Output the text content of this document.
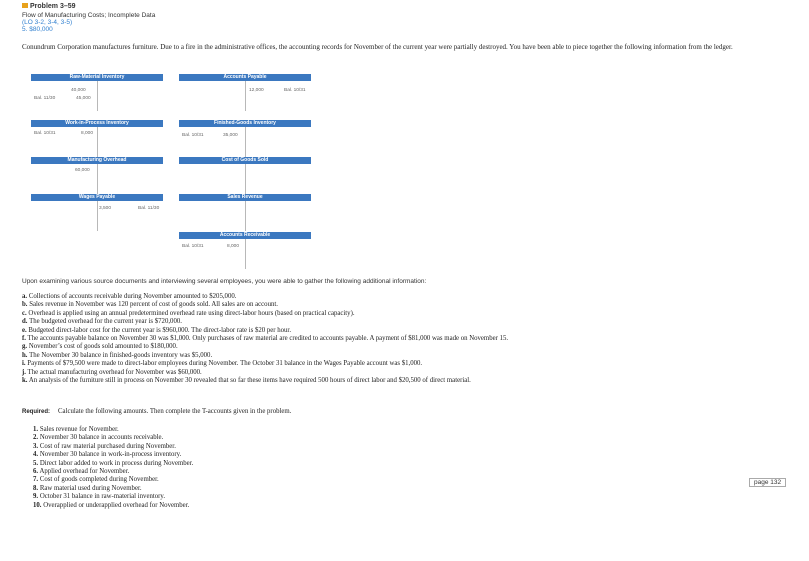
Problem 3–59
Flow of Manufacturing Costs; Incomplete Data
(LO 3-2, 3-4, 3-5)
5. $80,000
Conundrum Corporation manufactures furniture. Due to a fire in the administrative offices, the accounting records for November of the current year were partially destroyed. You have been able to piece together the following information from the ledger.
Raw-Material Inventory
40,000
Bal. 11/30	45,000
Accounts Payable
12,000	Bal. 10/31
Work-in-Process Inventory
Bal. 10/31	8,000
Finished-Goods Inventory
Bal. 10/31	35,000
Manufacturing Overhead
60,000
Cost of Goods Sold
Wages Payable
3,500	Bal. 11/30
Sales Revenue
Accounts Receivable
Bal. 10/31	8,000
Upon examining various source documents and interviewing several employees, you were able to gather the following additional information:
a. Collections of accounts receivable during November amounted to $205,000.
b. Sales revenue in November was 120 percent of cost of goods sold. All sales are on account.
c. Overhead is applied using an annual predetermined overhead rate using direct-labor hours (based on practical capacity).
d. The budgeted overhead for the current year is $720,000.
e. Budgeted direct-labor cost for the current year is $960,000. The direct-labor rate is $20 per hour.
f. The accounts payable balance on November 30 was $1,000. Only purchases of raw material are credited to accounts payable. A payment of $81,000 was made on November 15.
g. November’s cost of goods sold amounted to $180,000.
h. The November 30 balance in finished-goods inventory was $5,000.
i. Payments of $79,500 were made to direct-labor employees during November. The October 31 balance in the Wages Payable account was $1,000.
j. The actual manufacturing overhead for November was $60,000.
k. An analysis of the furniture still in process on November 30 revealed that so far these items have required 500 hours of direct labor and $20,500 of direct material.
Required: Calculate the following amounts. Then complete the T-accounts given in the problem.
1. Sales revenue for November.
2. November 30 balance in accounts receivable.
3. Cost of raw material purchased during November.
4. November 30 balance in work-in-process inventory.
5. Direct labor added to work in process during November.
6. Applied overhead for November.
7. Cost of goods completed during November.
8. Raw material used during November.
9. October 31 balance in raw-material inventory.
10. Overapplied or underapplied overhead for November.
page 132
